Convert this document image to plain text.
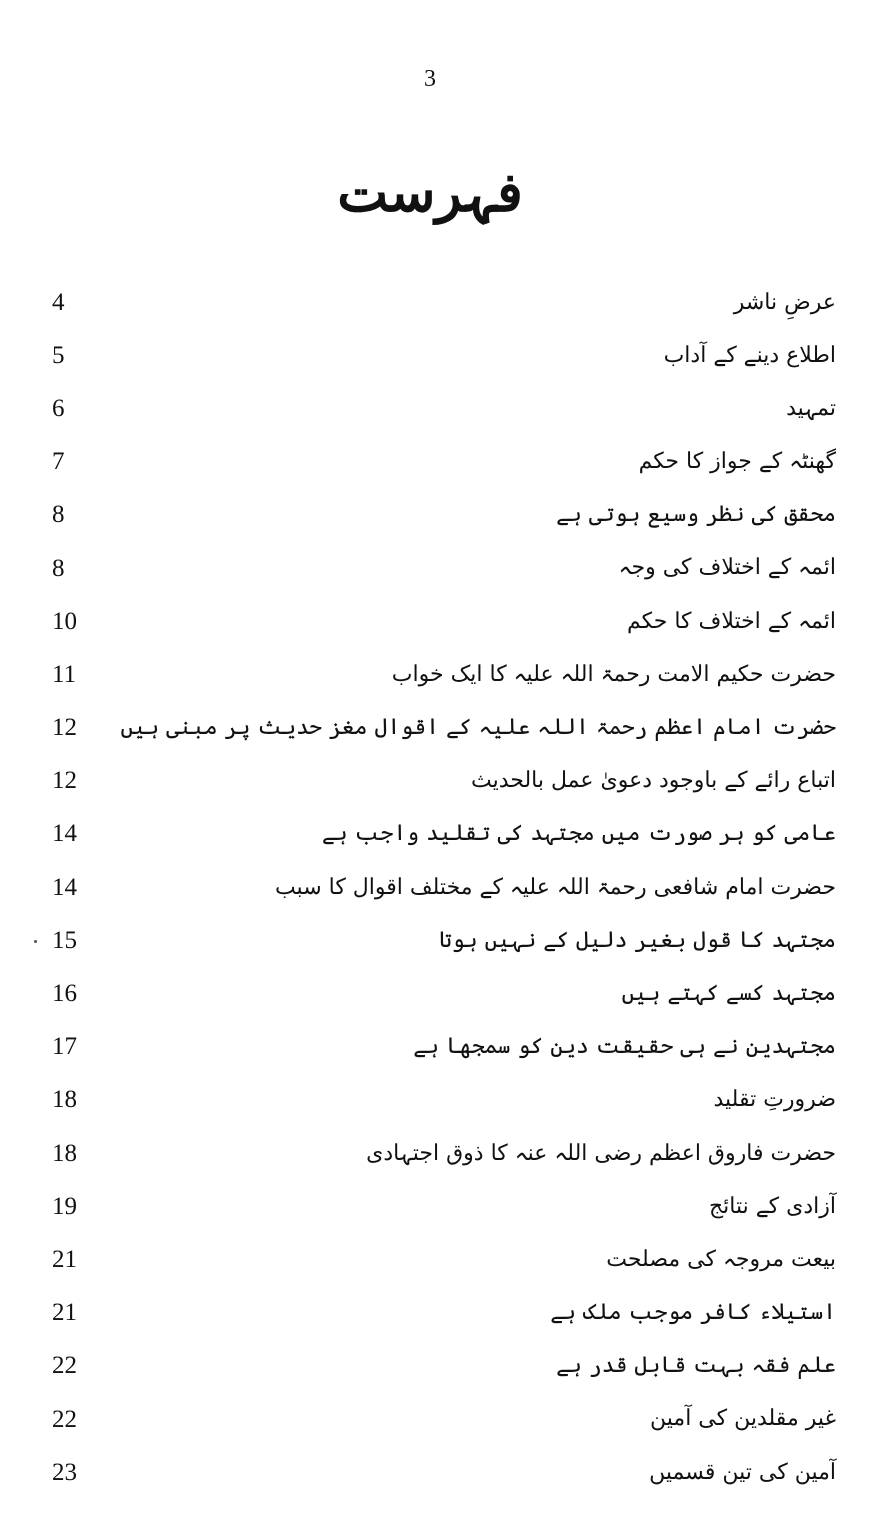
3
فہرست
عرضِ ناشر
4
اطلاع دینے کے آداب
5
تمہید
6
گھنٹہ کے جواز کا حکم
7
محقق کی نظر وسیع ہوتی ہے
8
ائمہ کے اختلاف کی وجہ
8
ائمہ کے اختلاف کا حکم
10
حضرت حکیم الامت رحمۃ اللہ علیہ کا ایک خواب
11
حضرت امام اعظم رحمۃ اللہ علیہ کے اقوال مغز حدیث پر مبنی ہیں
12
اتباع رائے کے باوجود دعویٰ عمل بالحدیث
12
عامی کو ہر صورت میں مجتہد کی تقلید واجب ہے
14
حضرت امام شافعی رحمۃ اللہ علیہ کے مختلف اقوال کا سبب
14
مجتہد کا قول بغیر دلیل کے نہیں ہوتا
15
مجتہد کسے کہتے ہیں
16
مجتہدین نے ہی حقیقت دین کو سمجھا ہے
17
ضرورتِ تقلید
18
حضرت فاروق اعظم رضی اللہ عنہ کا ذوق اجتہادی
18
آزادی کے نتائج
19
بیعت مروجہ کی مصلحت
21
استیلاء کافر موجب ملک ہے
21
علم فقہ بہت قابل قدر ہے
22
غیر مقلدین کی آمین
22
آمین کی تین قسمیں
23
